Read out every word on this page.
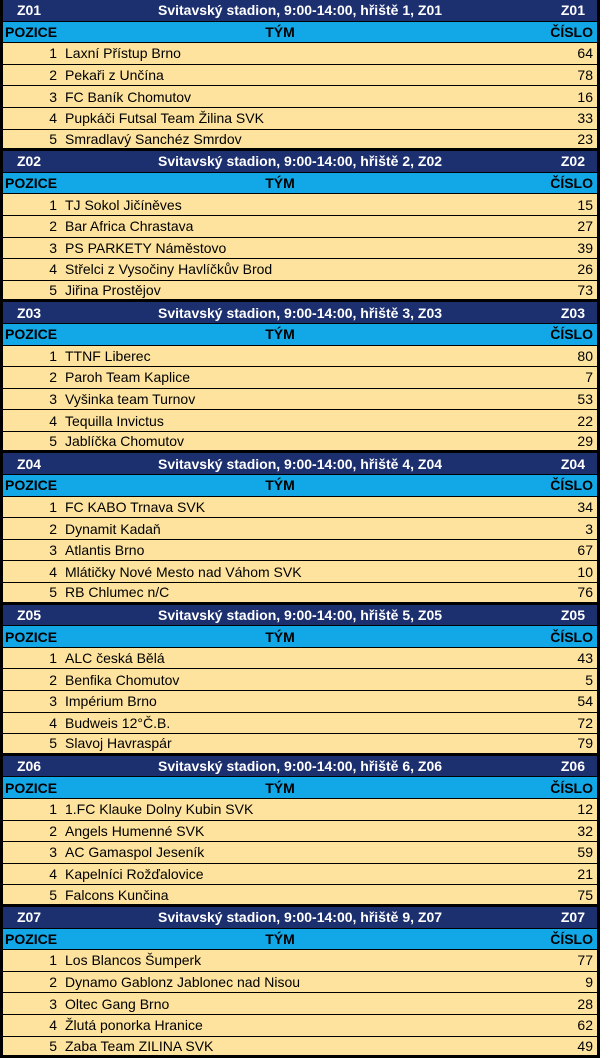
Z01	Svitavský stadion, 9:00-14:00, hřiště 1, Z01	Z01
POZICE	TÝM	ČÍSLO
1 Laxní Přístup Brno	64
2 Pekaři z Unčína	78
3 FC Baník Chomutov	16
4 Pupkáči Futsal Team Žilina SVK	33
5 Smradlavý Sanchéz Smrdov	23
Z02	Svitavský stadion, 9:00-14:00, hřiště 2, Z02	Z02
POZICE	TÝM	ČÍSLO
1 TJ Sokol Jičíněves	15
2 Bar Africa Chrastava	27
3 PS PARKETY Náměstovo	39
4 Střelci z Vysočiny Havlíčkův Brod	26
5 Jiřina Prostějov	73
Z03	Svitavský stadion, 9:00-14:00, hřiště 3, Z03	Z03
POZICE	TÝM	ČÍSLO
1 TTNF Liberec	80
2 Paroh Team Kaplice	7
3 Vyšinka team Turnov	53
4 Tequilla Invictus	22
5 Jablíčka Chomutov	29
Z04	Svitavský stadion, 9:00-14:00, hřiště 4, Z04	Z04
POZICE	TÝM	ČÍSLO
1 FC KABO Trnava SVK	34
2 Dynamit Kadaň	3
3 Atlantis Brno	67
4 Mlátičky Nové Mesto nad Váhom SVK	10
5 RB Chlumec n/C	76
Z05	Svitavský stadion, 9:00-14:00, hřiště 5, Z05	Z05
POZICE	TÝM	ČÍSLO
1 ALC česká Bělá	43
2 Benfika Chomutov	5
3 Impérium Brno	54
4 Budweis 12°Č.B.	72
5 Slavoj Havraspár	79
Z06	Svitavský stadion, 9:00-14:00, hřiště 6, Z06	Z06
POZICE	TÝM	ČÍSLO
1 1.FC Klauke Dolny Kubin SVK	12
2 Angels Humenné SVK	32
3 AC Gamaspol Jeseník	59
4 Kapelníci Rožďalovice	21
5 Falcons Kunčina	75
Z07	Svitavský stadion, 9:00-14:00, hřiště 9, Z07	Z07
POZICE	TÝM	ČÍSLO
1 Los Blancos Šumperk	77
2 Dynamo Gablonz Jablonec nad Nisou	9
3 Oltec Gang Brno	28
4 Žlutá ponorka Hranice	62
5 Zaba Team ZILINA SVK	49
